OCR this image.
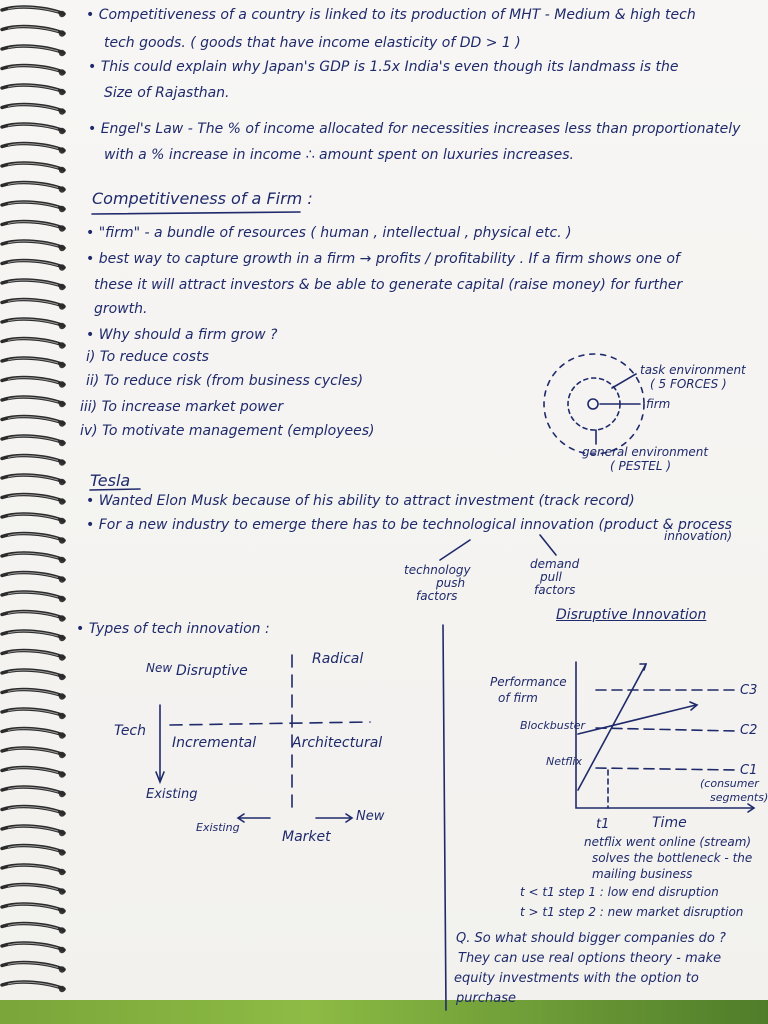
• Competitiveness of a country is linked to its production of MHT - Medium & high tech
tech goods. ( goods that have income elasticity of DD > 1 )
• This could explain why Japan's GDP is 1.5x India's even though its landmass is the
Size of Rajasthan.
• Engel's Law - The % of income allocated for necessities increases less than proportionately
with a % increase in income ∴ amount spent on luxuries increases.
Competitiveness of a Firm :
• "firm" - a bundle of resources ( human , intellectual , physical etc. )
• best way to capture growth in a firm → profits / profitability . If a firm shows one of
these it will attract investors & be able to generate capital (raise money) for further
growth.
• Why should a firm grow ?
i) To reduce costs
ii) To reduce risk (from business cycles)
iii) To increase market power
iv) To motivate management (employees)
task environment
( 5 FORCES )
firm
general environment
( PESTEL )
Tesla
• Wanted Elon Musk because of his ability to attract investment (track record)
• For a new industry to emerge there has to be technological innovation (product & process
innovation)
technology
push
factors
demand
pull
factors
• Types of tech innovation :
New Disruptive
Radical
Tech
Incremental	Architectural
Existing
Existing
Market
New
Disruptive Innovation
Performance
of firm
Blockbuster
Netflix
C3
C2
C1
(consumer
segments)
t1	Time
netflix went online (stream)
solves the bottleneck - the
mailing business
t < t1 step 1 : low end disruption
t > t1 step 2 : new market disruption
Q. So what should bigger companies do ?
They can use real options theory - make
equity investments with the option to
purchase
